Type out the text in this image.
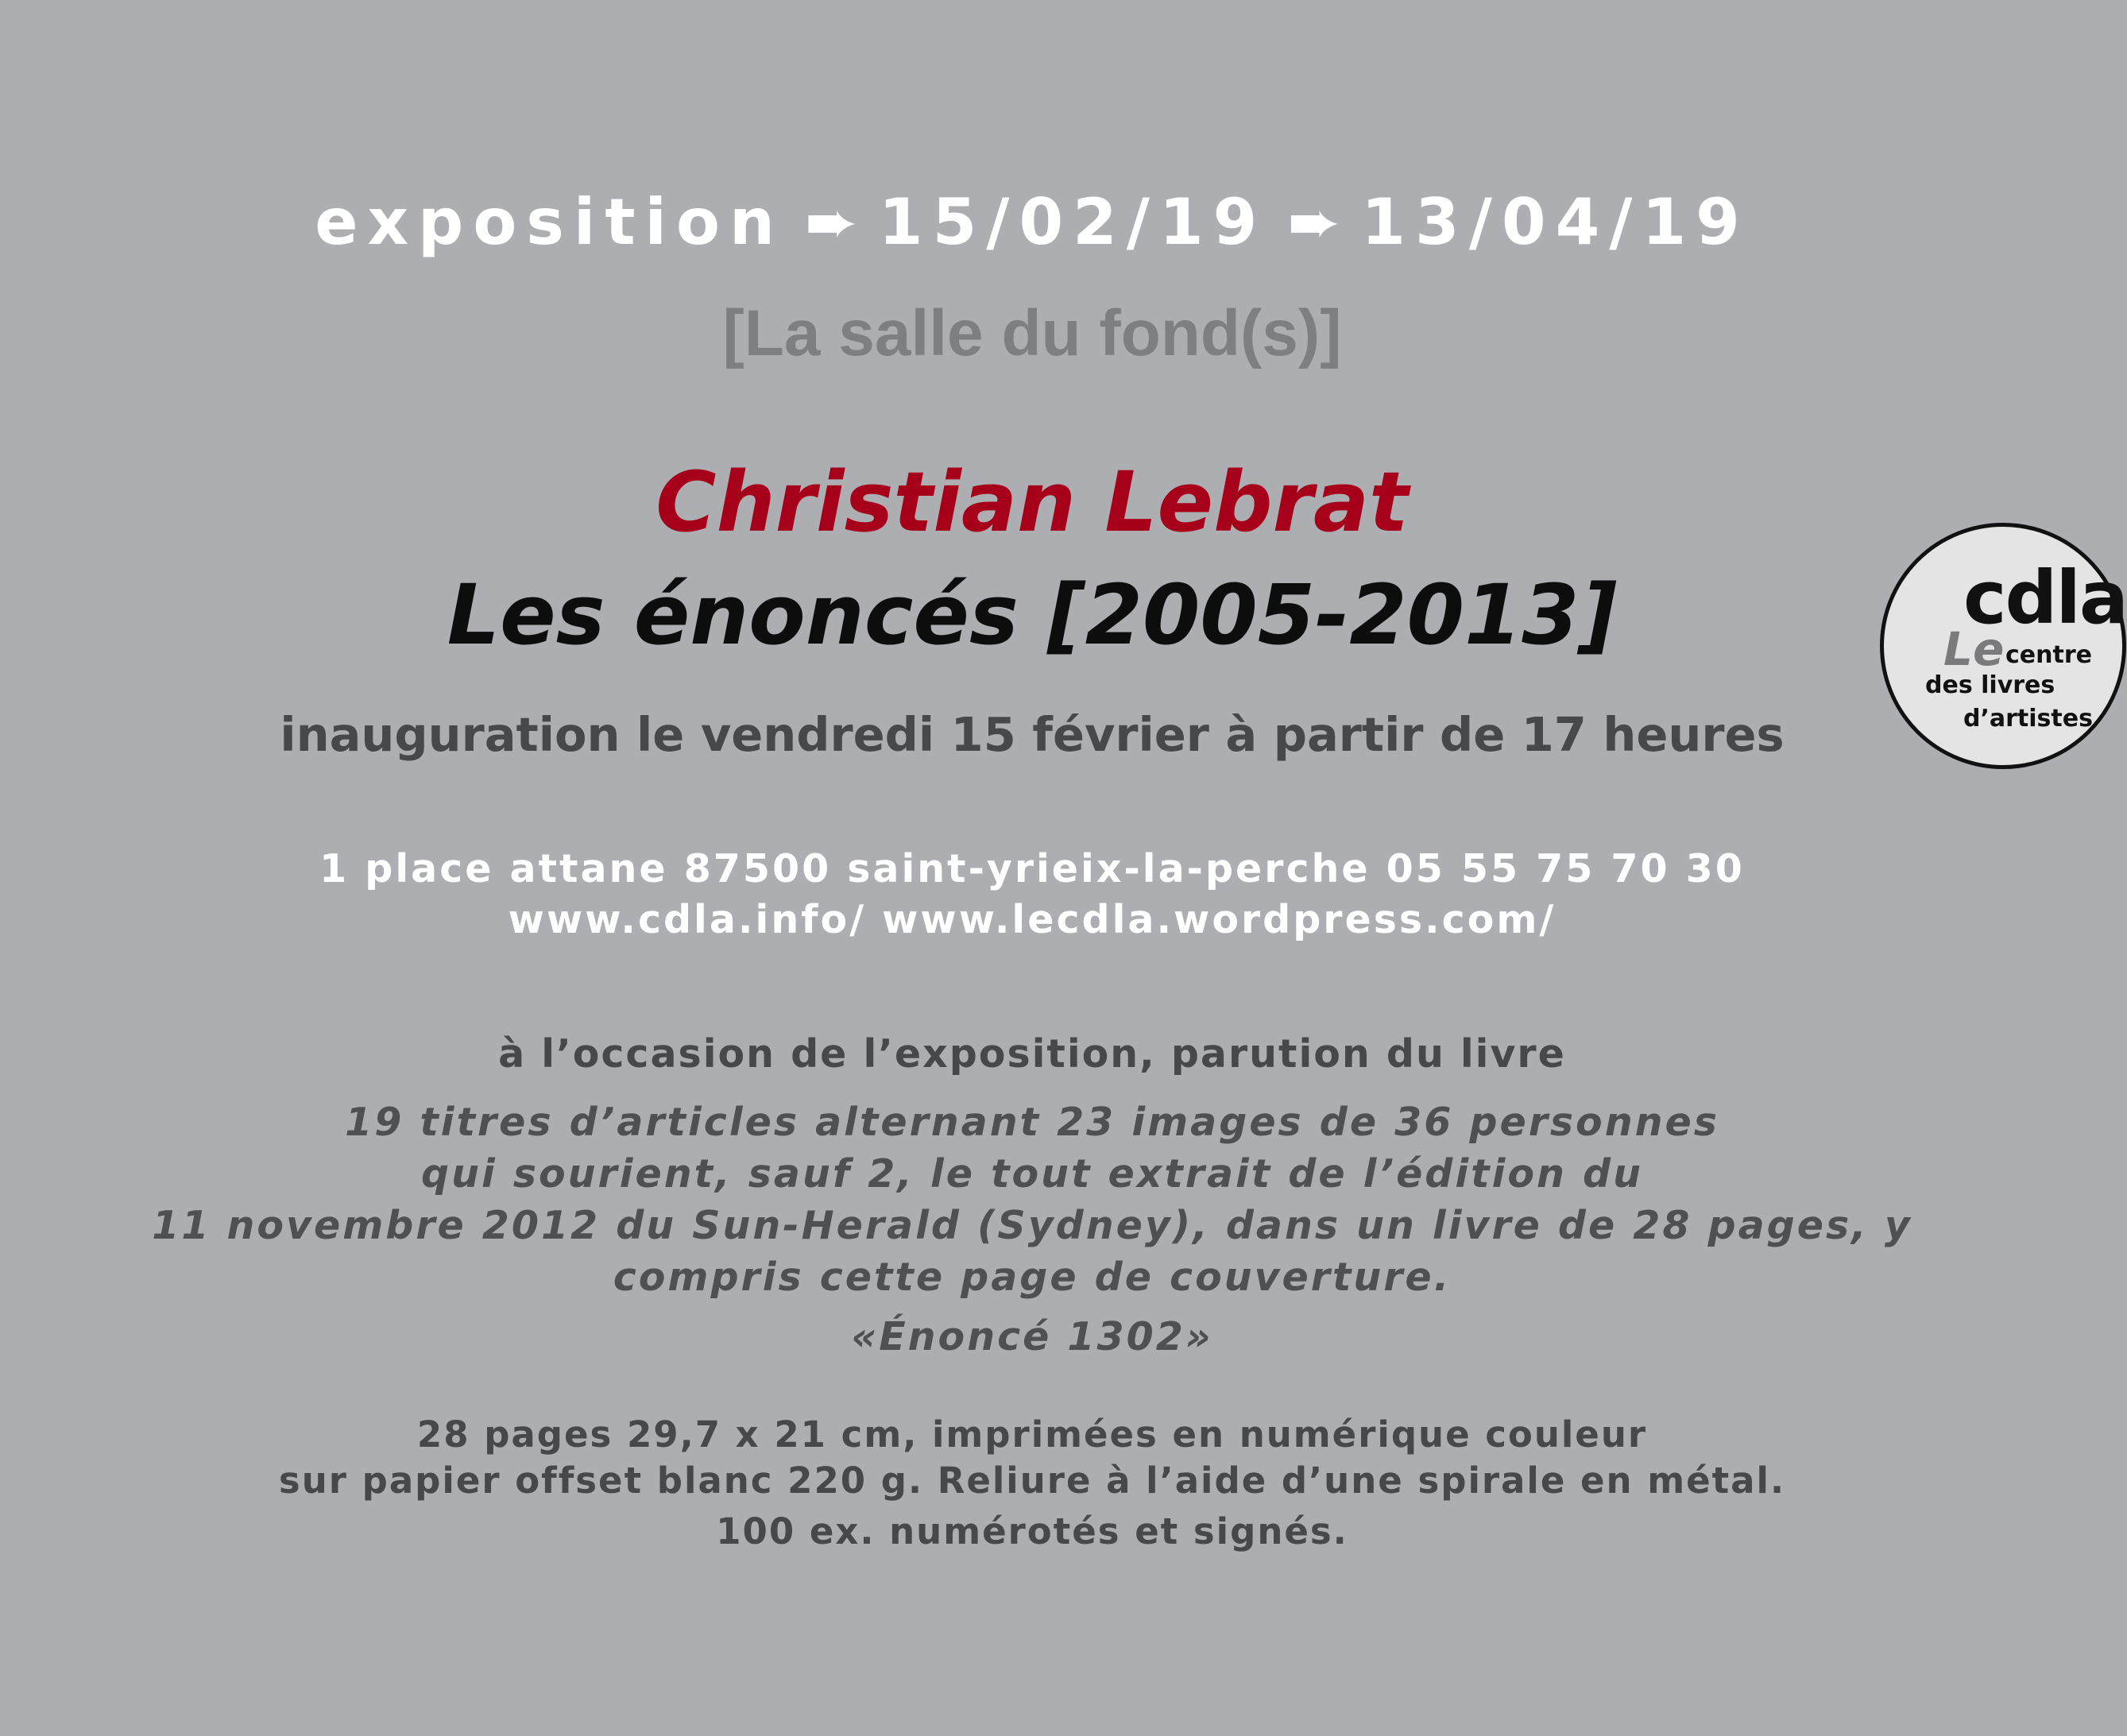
exposition ➨ 15/02/19 ➨ 13/04/19

[La salle du fond(s)]

Christian Lebrat

Les énoncés [2005-2013]

inauguration le vendredi 15 février à partir de 17 heures

1 place attane 87500 saint-yrieix-la-perche 05 55 75 70 30

www.cdla.info/ www.lecdla.wordpress.com/

à l’occasion de l’exposition, parution du livre

19 titres d’articles alternant 23 images de 36 personnes

qui sourient, sauf 2, le tout extrait de l’édition du

11 novembre 2012 du Sun-Herald (Sydney), dans un livre de 28 pages, y

compris cette page de couverture.

«Énoncé 1302»

28 pages 29,7 x 21 cm, imprimées en numérique couleur

sur papier offset blanc 220 g. Reliure à l’aide d’une spirale en métal.

100 ex. numérotés et signés.

cdla
Le centre
des livres
d’artistes
